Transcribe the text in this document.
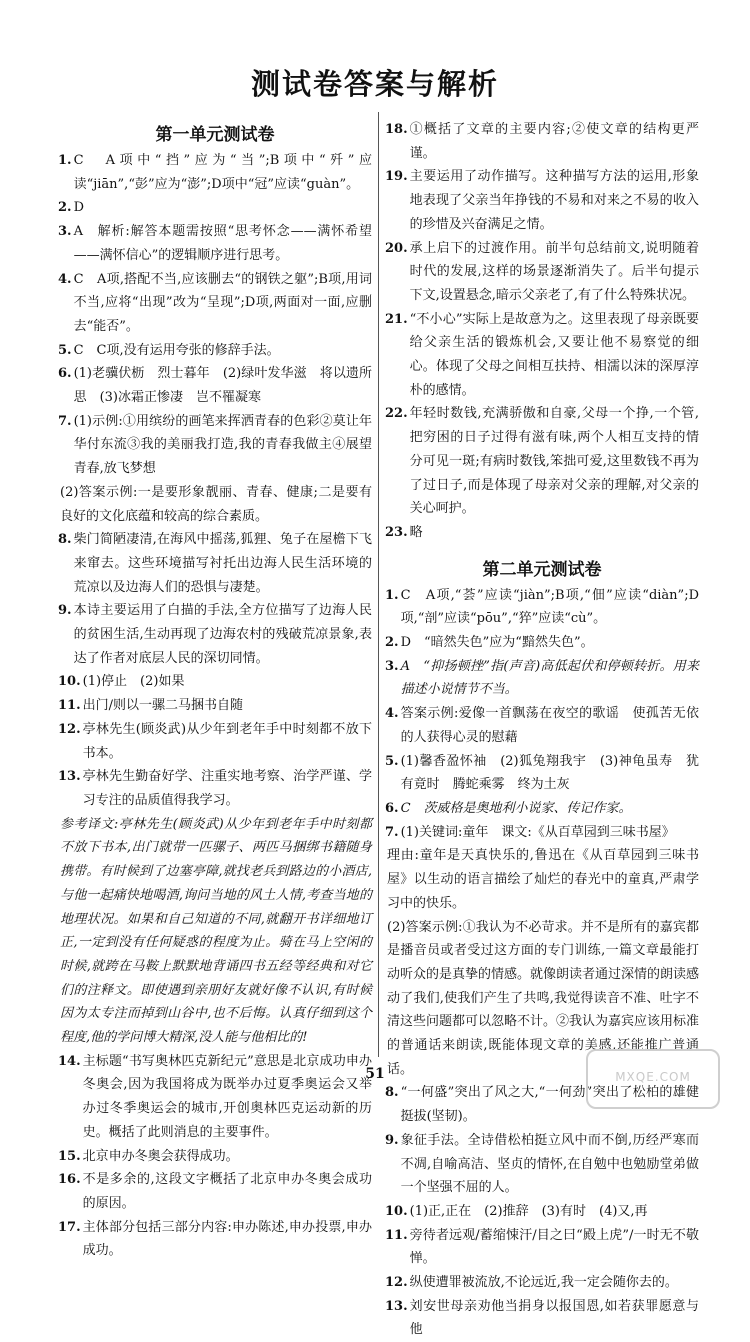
测试卷答案与解析
第一单元测试卷
1. C　A项中“挡”应为“当”;B项中“歼”应读“jiān”,“彭”应为“澎”;D项中“冠”应读“guàn”。
2. D
3. A　解析:解答本题需按照“思考怀念——满怀希望——满怀信心”的逻辑顺序进行思考。
4. C　A项,搭配不当,应该删去“的钢铁之躯”;B项,用词不当,应将“出现”改为“呈现”;D项,两面对一面,应删去“能否”。
5. C　C项,没有运用夸张的修辞手法。
6. (1)老骥伏枥　烈士暮年　(2)绿叶发华滋　将以遗所思　(3)冰霜正惨凄　岂不罹凝寒
7. (1)示例:①用缤纷的画笔来挥洒青春的色彩②莫让年华付东流③我的美丽我打造,我的青春我做主④展望青春,放飞梦想
(2)答案示例:一是要形象靓丽、青春、健康;二是要有良好的文化底蕴和较高的综合素质。
8. 柴门简陋凄清,在海风中摇荡,狐狸、兔子在屋檐下飞来窜去。这些环境描写衬托出边海人民生活环境的荒凉以及边海人们的恐惧与凄楚。
9. 本诗主要运用了白描的手法,全方位描写了边海人民的贫困生活,生动再现了边海农村的残破荒凉景象,表达了作者对底层人民的深切同情。
10. (1)停止　(2)如果
11. 出门/则以一骡二马捆书自随
12. 亭林先生(顾炎武)从少年到老年手中时刻都不放下书本。
13. 亭林先生勤奋好学、注重实地考察、治学严谨、学习专注的品质值得我学习。
参考译文:亭林先生(顾炎武)从少年到老年手中时刻都不放下书本,出门就带一匹骡子、两匹马捆绑书籍随身携带。有时候到了边塞亭障,就找老兵到路边的小酒店,与他一起痛快地喝酒,询问当地的风土人情,考查当地的地理状况。如果和自己知道的不同,就翻开书详细地订正,一定到没有任何疑惑的程度为止。骑在马上空闲的时候,就跨在马鞍上默默地背诵四书五经等经典和对它们的注释文。即使遇到亲朋好友就好像不认识,有时候因为太专注而掉到山谷中,也不后悔。认真仔细到这个程度,他的学问博大精深,没人能与他相比的!
14. 主标题“书写奥林匹克新纪元”意思是北京成功申办冬奥会,因为我国将成为既举办过夏季奥运会又举办过冬季奥运会的城市,开创奥林匹克运动新的历史。概括了此则消息的主要事件。
15. 北京申办冬奥会获得成功。
16. 不是多余的,这段文字概括了北京申办冬奥会成功的原因。
17. 主体部分包括三部分内容:申办陈述,申办投票,申办成功。
18. ①概括了文章的主要内容;②使文章的结构更严谨。
19. 主要运用了动作描写。这种描写方法的运用,形象地表现了父亲当年挣钱的不易和对来之不易的收入的珍惜及兴奋满足之情。
20. 承上启下的过渡作用。前半句总结前文,说明随着时代的发展,这样的场景逐渐消失了。后半句提示下文,设置悬念,暗示父亲老了,有了什么特殊状况。
21. “不小心”实际上是故意为之。这里表现了母亲既要给父亲生活的锻炼机会,又要让他不易察觉的细心。体现了父母之间相互扶持、相濡以沫的深厚淳朴的感情。
22. 年轻时数钱,充满骄傲和自豪,父母一个挣,一个管,把穷困的日子过得有滋有味,两个人相互支持的情分可见一斑;有病时数钱,笨拙可爱,这里数钱不再为了过日子,而是体现了母亲对父亲的理解,对父亲的关心呵护。
23. 略
第二单元测试卷
1. C　A项,“荟”应读“jiàn”;B项,“佃”应读“diàn”;D项,“剖”应读“pōu”,“猝”应读“cù”。
2. D　“暗然失色”应为“黯然失色”。
3. A　“抑扬顿挫”指(声音)高低起伏和停顿转折。用来描述小说情节不当。
4. 答案示例:爱像一首飘荡在夜空的歌谣　使孤苦无依的人获得心灵的慰藉
5. (1)馨香盈怀袖　(2)狐兔翔我宇　(3)神龟虽寿　犹有竟时　腾蛇乘雾　终为土灰
6. C　茨威格是奥地利小说家、传记作家。
7. (1)关键词:童年　课文:《从百草园到三味书屋》
理由:童年是天真快乐的,鲁迅在《从百草园到三味书屋》以生动的语言描绘了灿烂的春光中的童真,严肃学习中的快乐。
(2)答案示例:①我认为不必苛求。并不是所有的嘉宾都是播音员或者受过这方面的专门训练,一篇文章最能打动听众的是真挚的情感。就像朗读者通过深情的朗读感动了我们,使我们产生了共鸣,我觉得读音不准、吐字不清这些问题都可以忽略不计。②我认为嘉宾应该用标准的普通话来朗读,既能体现文章的美感,还能推广普通话。
8. “一何盛”突出了风之大,“一何劲”突出了松柏的雄健挺拔(坚韧)。
9. 象征手法。全诗借松柏挺立风中而不倒,历经严寒而不凋,自喻高洁、坚贞的情怀,在自勉中也勉励堂弟做一个坚强不屈的人。
10. (1)正,正在　(2)推辞　(3)有时　(4)又,再
11. 旁待者远观/蓄缩悚汗/目之曰“殿上虎”/一时无不敬惮。
12. 纵使遭罪被流放,不论远近,我一定会随你去的。
13. 刘安世母亲劝他当捐身以报国恩,如若获罪愿意与他
51	MXQE.COM
